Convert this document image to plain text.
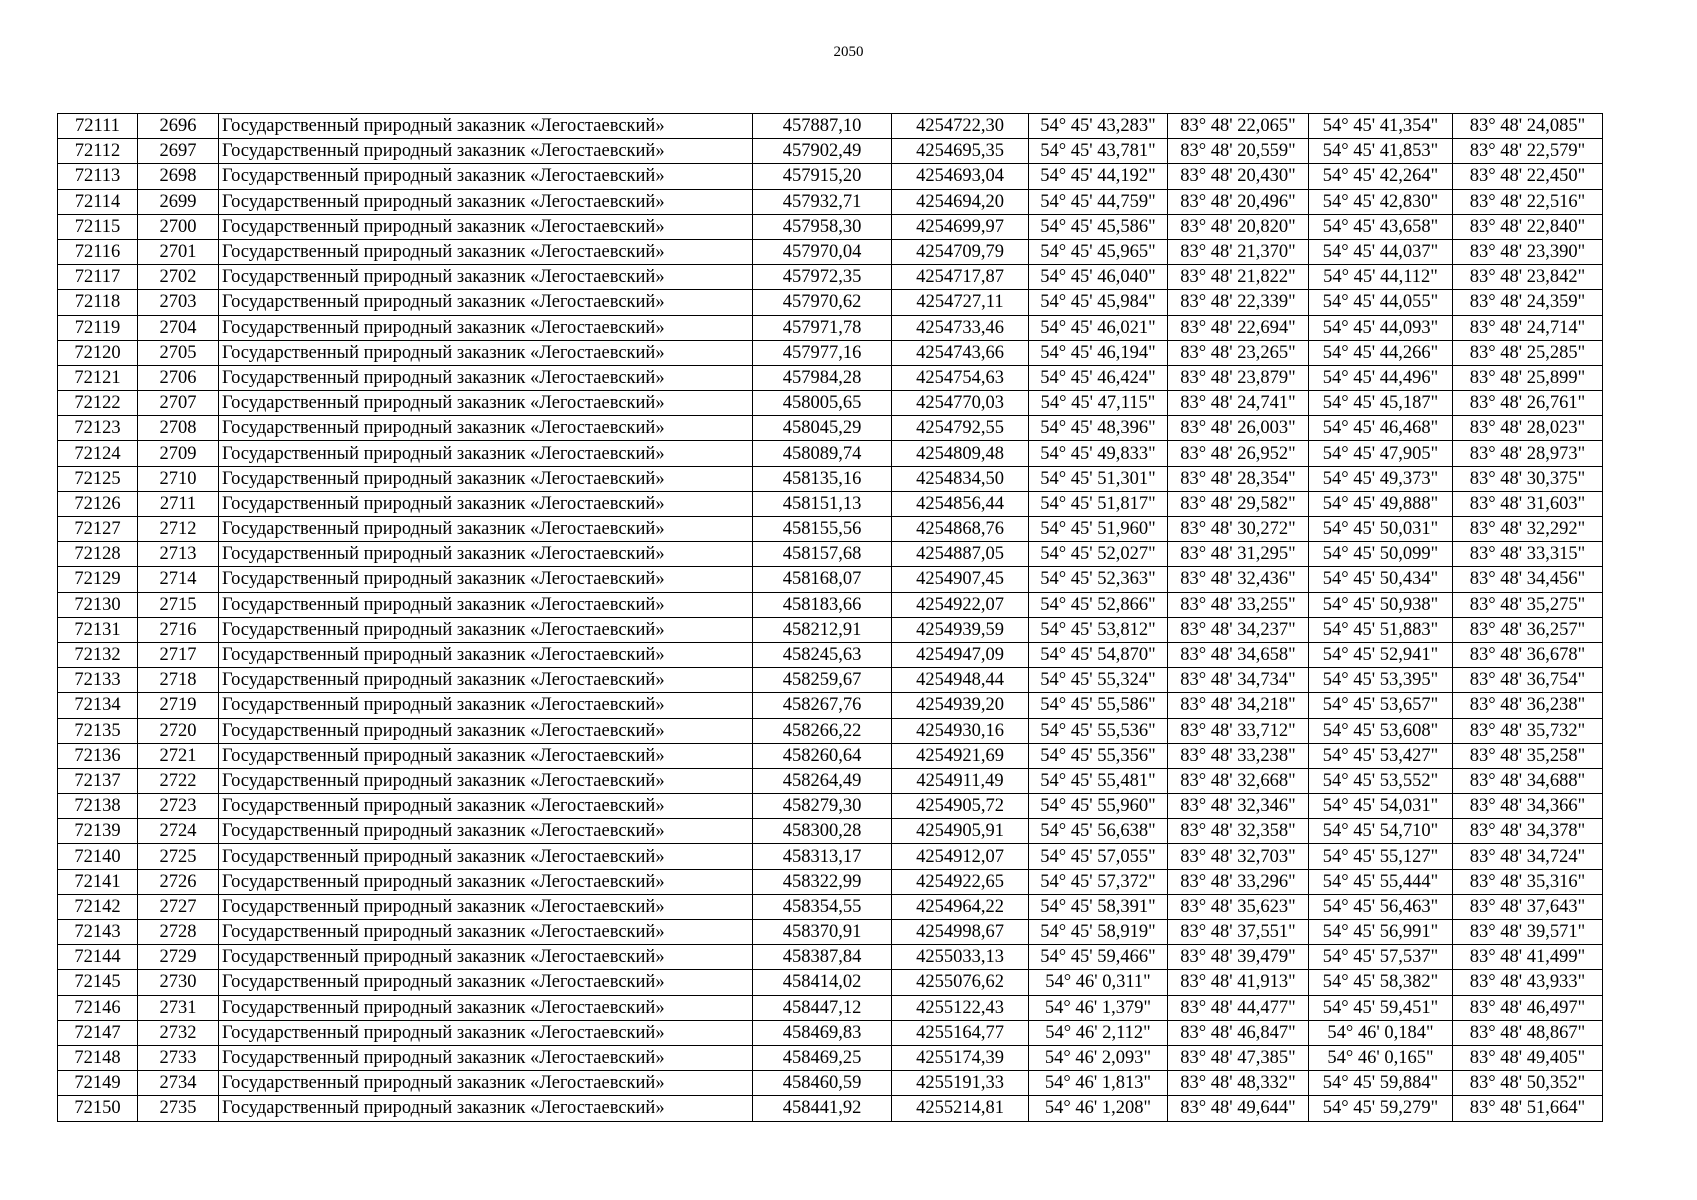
2050
72111	2696	Государственный природный заказник «Легостаевский»	457887,10	4254722,30	54° 45' 43,283"	83° 48' 22,065"	54° 45' 41,354"	83° 48' 24,085"
72112	2697	Государственный природный заказник «Легостаевский»	457902,49	4254695,35	54° 45' 43,781"	83° 48' 20,559"	54° 45' 41,853"	83° 48' 22,579"
72113	2698	Государственный природный заказник «Легостаевский»	457915,20	4254693,04	54° 45' 44,192"	83° 48' 20,430"	54° 45' 42,264"	83° 48' 22,450"
72114	2699	Государственный природный заказник «Легостаевский»	457932,71	4254694,20	54° 45' 44,759"	83° 48' 20,496"	54° 45' 42,830"	83° 48' 22,516"
72115	2700	Государственный природный заказник «Легостаевский»	457958,30	4254699,97	54° 45' 45,586"	83° 48' 20,820"	54° 45' 43,658"	83° 48' 22,840"
72116	2701	Государственный природный заказник «Легостаевский»	457970,04	4254709,79	54° 45' 45,965"	83° 48' 21,370"	54° 45' 44,037"	83° 48' 23,390"
72117	2702	Государственный природный заказник «Легостаевский»	457972,35	4254717,87	54° 45' 46,040"	83° 48' 21,822"	54° 45' 44,112"	83° 48' 23,842"
72118	2703	Государственный природный заказник «Легостаевский»	457970,62	4254727,11	54° 45' 45,984"	83° 48' 22,339"	54° 45' 44,055"	83° 48' 24,359"
72119	2704	Государственный природный заказник «Легостаевский»	457971,78	4254733,46	54° 45' 46,021"	83° 48' 22,694"	54° 45' 44,093"	83° 48' 24,714"
72120	2705	Государственный природный заказник «Легостаевский»	457977,16	4254743,66	54° 45' 46,194"	83° 48' 23,265"	54° 45' 44,266"	83° 48' 25,285"
72121	2706	Государственный природный заказник «Легостаевский»	457984,28	4254754,63	54° 45' 46,424"	83° 48' 23,879"	54° 45' 44,496"	83° 48' 25,899"
72122	2707	Государственный природный заказник «Легостаевский»	458005,65	4254770,03	54° 45' 47,115"	83° 48' 24,741"	54° 45' 45,187"	83° 48' 26,761"
72123	2708	Государственный природный заказник «Легостаевский»	458045,29	4254792,55	54° 45' 48,396"	83° 48' 26,003"	54° 45' 46,468"	83° 48' 28,023"
72124	2709	Государственный природный заказник «Легостаевский»	458089,74	4254809,48	54° 45' 49,833"	83° 48' 26,952"	54° 45' 47,905"	83° 48' 28,973"
72125	2710	Государственный природный заказник «Легостаевский»	458135,16	4254834,50	54° 45' 51,301"	83° 48' 28,354"	54° 45' 49,373"	83° 48' 30,375"
72126	2711	Государственный природный заказник «Легостаевский»	458151,13	4254856,44	54° 45' 51,817"	83° 48' 29,582"	54° 45' 49,888"	83° 48' 31,603"
72127	2712	Государственный природный заказник «Легостаевский»	458155,56	4254868,76	54° 45' 51,960"	83° 48' 30,272"	54° 45' 50,031"	83° 48' 32,292"
72128	2713	Государственный природный заказник «Легостаевский»	458157,68	4254887,05	54° 45' 52,027"	83° 48' 31,295"	54° 45' 50,099"	83° 48' 33,315"
72129	2714	Государственный природный заказник «Легостаевский»	458168,07	4254907,45	54° 45' 52,363"	83° 48' 32,436"	54° 45' 50,434"	83° 48' 34,456"
72130	2715	Государственный природный заказник «Легостаевский»	458183,66	4254922,07	54° 45' 52,866"	83° 48' 33,255"	54° 45' 50,938"	83° 48' 35,275"
72131	2716	Государственный природный заказник «Легостаевский»	458212,91	4254939,59	54° 45' 53,812"	83° 48' 34,237"	54° 45' 51,883"	83° 48' 36,257"
72132	2717	Государственный природный заказник «Легостаевский»	458245,63	4254947,09	54° 45' 54,870"	83° 48' 34,658"	54° 45' 52,941"	83° 48' 36,678"
72133	2718	Государственный природный заказник «Легостаевский»	458259,67	4254948,44	54° 45' 55,324"	83° 48' 34,734"	54° 45' 53,395"	83° 48' 36,754"
72134	2719	Государственный природный заказник «Легостаевский»	458267,76	4254939,20	54° 45' 55,586"	83° 48' 34,218"	54° 45' 53,657"	83° 48' 36,238"
72135	2720	Государственный природный заказник «Легостаевский»	458266,22	4254930,16	54° 45' 55,536"	83° 48' 33,712"	54° 45' 53,608"	83° 48' 35,732"
72136	2721	Государственный природный заказник «Легостаевский»	458260,64	4254921,69	54° 45' 55,356"	83° 48' 33,238"	54° 45' 53,427"	83° 48' 35,258"
72137	2722	Государственный природный заказник «Легостаевский»	458264,49	4254911,49	54° 45' 55,481"	83° 48' 32,668"	54° 45' 53,552"	83° 48' 34,688"
72138	2723	Государственный природный заказник «Легостаевский»	458279,30	4254905,72	54° 45' 55,960"	83° 48' 32,346"	54° 45' 54,031"	83° 48' 34,366"
72139	2724	Государственный природный заказник «Легостаевский»	458300,28	4254905,91	54° 45' 56,638"	83° 48' 32,358"	54° 45' 54,710"	83° 48' 34,378"
72140	2725	Государственный природный заказник «Легостаевский»	458313,17	4254912,07	54° 45' 57,055"	83° 48' 32,703"	54° 45' 55,127"	83° 48' 34,724"
72141	2726	Государственный природный заказник «Легостаевский»	458322,99	4254922,65	54° 45' 57,372"	83° 48' 33,296"	54° 45' 55,444"	83° 48' 35,316"
72142	2727	Государственный природный заказник «Легостаевский»	458354,55	4254964,22	54° 45' 58,391"	83° 48' 35,623"	54° 45' 56,463"	83° 48' 37,643"
72143	2728	Государственный природный заказник «Легостаевский»	458370,91	4254998,67	54° 45' 58,919"	83° 48' 37,551"	54° 45' 56,991"	83° 48' 39,571"
72144	2729	Государственный природный заказник «Легостаевский»	458387,84	4255033,13	54° 45' 59,466"	83° 48' 39,479"	54° 45' 57,537"	83° 48' 41,499"
72145	2730	Государственный природный заказник «Легостаевский»	458414,02	4255076,62	54° 46' 0,311"	83° 48' 41,913"	54° 45' 58,382"	83° 48' 43,933"
72146	2731	Государственный природный заказник «Легостаевский»	458447,12	4255122,43	54° 46' 1,379"	83° 48' 44,477"	54° 45' 59,451"	83° 48' 46,497"
72147	2732	Государственный природный заказник «Легостаевский»	458469,83	4255164,77	54° 46' 2,112"	83° 48' 46,847"	54° 46' 0,184"	83° 48' 48,867"
72148	2733	Государственный природный заказник «Легостаевский»	458469,25	4255174,39	54° 46' 2,093"	83° 48' 47,385"	54° 46' 0,165"	83° 48' 49,405"
72149	2734	Государственный природный заказник «Легостаевский»	458460,59	4255191,33	54° 46' 1,813"	83° 48' 48,332"	54° 45' 59,884"	83° 48' 50,352"
72150	2735	Государственный природный заказник «Легостаевский»	458441,92	4255214,81	54° 46' 1,208"	83° 48' 49,644"	54° 45' 59,279"	83° 48' 51,664"
